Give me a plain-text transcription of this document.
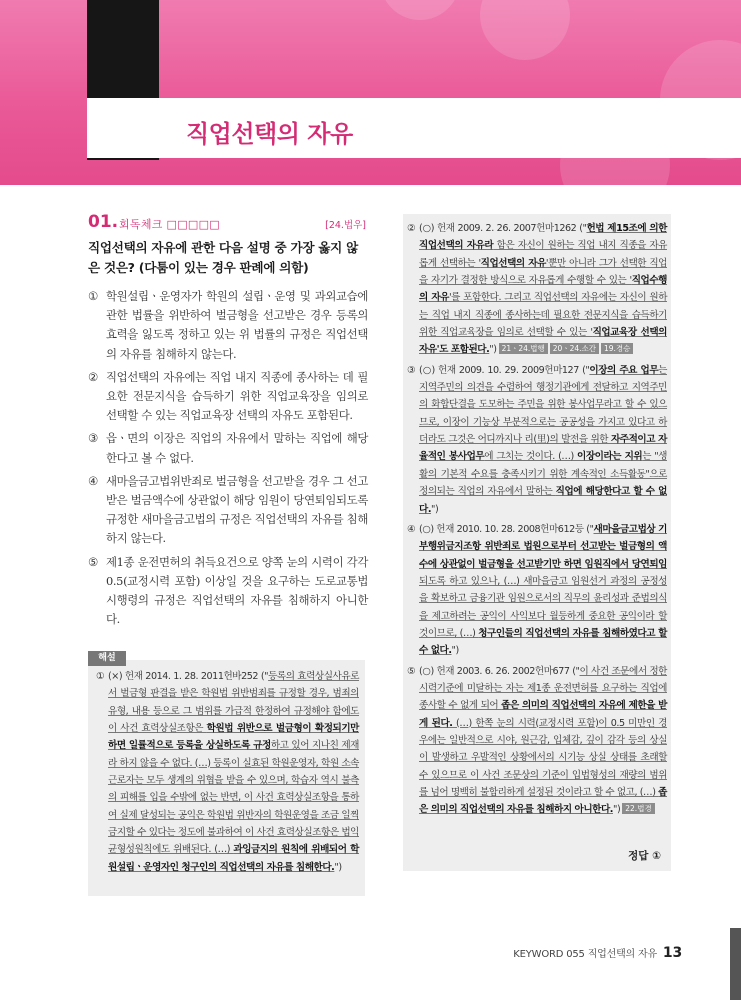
KEYWORD
055 직업선택의 자유
01. 회독체크 □□□□□	[24.법우]
직업선택의 자유에 관한 다음 설명 중 가장 옳지 않은 것은? (다툼이 있는 경우 판례에 의함)
① 학원설립ㆍ운영자가 학원의 설립ㆍ운영 및 과외교습에 관한 법률을 위반하여 벌금형을 선고받은 경우 등록의 효력을 잃도록 정하고 있는 위 법률의 규정은 직업선택의 자유를 침해하지 않는다.
② 직업선택의 자유에는 직업 내지 직종에 종사하는 데 필요한 전문지식을 습득하기 위한 직업교육장을 임의로 선택할 수 있는 직업교육장 선택의 자유도 포함된다.
③ 읍ㆍ면의 이장은 직업의 자유에서 말하는 직업에 해당한다고 볼 수 없다.
④ 새마을금고법위반죄로 벌금형을 선고받을 경우 그 선고받은 벌금액수에 상관없이 해당 임원이 당연퇴임되도록 규정한 새마을금고법의 규정은 직업선택의 자유를 침해하지 않는다.
⑤ 제1종 운전면허의 취득요건으로 양쪽 눈의 시력이 각각 0.5(교정시력 포함) 이상일 것을 요구하는 도로교통법 시행령의 규정은 직업선택의 자유를 침해하지 아니한다.
해설
① (×) 헌재 2014. 1. 28. 2011헌바252 ("등록의 효력상실사유로서 벌금형 판결을 받은 학원법 위반범죄를 규정할 경우, 범죄의 유형, 내용 등으로 그 범위를 가급적 한정하여 규정해야 함에도 이 사건 효력상실조항은 학원법 위반으로 벌금형이 확정되기만 하면 일률적으로 등록을 상실하도록 규정하고 있어 지나친 제재라 하지 않을 수 없다. (…) 등록이 실효된 학원운영자, 학원 소속 근로자는 모두 생계의 위협을 받을 수 있으며, 학습자 역시 불측의 피해를 입을 수밖에 없는 반면, 이 사건 효력상실조항을 통하여 실제 달성되는 공익은 학원법 위반자의 학원운영을 조금 일찍 금지할 수 있다는 정도에 불과하여 이 사건 효력상실조항은 법익균형성원칙에도 위배된다. (…) 과잉금지의 원칙에 위배되어 학원설립ㆍ운영자인 청구인의 직업선택의 자유를 침해한다.")
② (○) 헌재 2009. 2. 26. 2007헌마1262 ("헌법 제15조에 의한 직업선택의 자유라 함은 자신이 원하는 직업 내지 직종을 자유롭게 선택하는 '직업선택의 자유'뿐만 아니라 그가 선택한 직업을 자기가 결정한 방식으로 자유롭게 수행할 수 있는 '직업수행의 자유'를 포함한다. 그리고 직업선택의 자유에는 자신이 원하는 직업 내지 직종에 종사하는데 필요한 전문지식을 습득하기 위한 직업교육장을 임의로 선택할 수 있는 '직업교육장 선택의 자유'도 포함된다.") 21ㆍ24.법행 20ㆍ24.소간 19.경승
③ (○) 헌재 2009. 10. 29. 2009헌마127 ("이장의 주요 업무는 지역주민의 의견을 수렴하여 행정기관에게 전달하고 지역주민의 화합단결을 도모하는 주민을 위한 봉사업무라고 할 수 있으므로, 이장이 기능상 부분적으로는 공공성을 가지고 있다고 하더라도 그것은 어디까지나 리(里)의 발전을 위한 자주적이고 자율적인 봉사업무에 그치는 것이다. (…) 이장이라는 지위는 "생활의 기본적 수요를 충족시키기 위한 계속적인 소득활동"으로 정의되는 직업의 자유에서 말하는 직업에 해당한다고 할 수 없다.")
④ (○) 헌재 2010. 10. 28. 2008헌마612등 ("새마을금고법상 기부행위금지조항 위반죄로 법원으로부터 선고받는 벌금형의 액수에 상관없이 벌금형을 선고받기만 하면 임원직에서 당연퇴임되도록 하고 있으나, (…) 새마을금고 임원선거 과정의 공정성을 확보하고 금융기관 임원으로서의 직무의 윤리성과 준법의식을 제고하려는 공익이 사익보다 월등하게 중요한 공익이라 할 것이므로, (…) 청구인들의 직업선택의 자유를 침해하였다고 할 수 없다.")
⑤ (○) 헌재 2003. 6. 26. 2002헌마677 ("이 사건 조문에서 정한 시력기준에 미달하는 자는 제1종 운전면허를 요구하는 직업에 종사할 수 없게 되어 좁은 의미의 직업선택의 자유에 제한을 받게 된다. (…) 한쪽 눈의 시력(교정시력 포함)이 0.5 미만인 경우에는 일반적으로 시야, 원근감, 입체감, 깊이 감각 등의 상실이 발생하고 우발적인 상황에서의 시기능 상실 상태를 초래할 수 있으므로 이 사건 조문상의 기준이 입법형성의 재량의 범위를 넘어 명백히 불합리하게 설정된 것이라고 할 수 없고, (…) 좁은 의미의 직업선택의 자유를 침해하지 아니한다.") 22.법경
정답 ①
KEYWORD 055 직업선택의 자유 13
